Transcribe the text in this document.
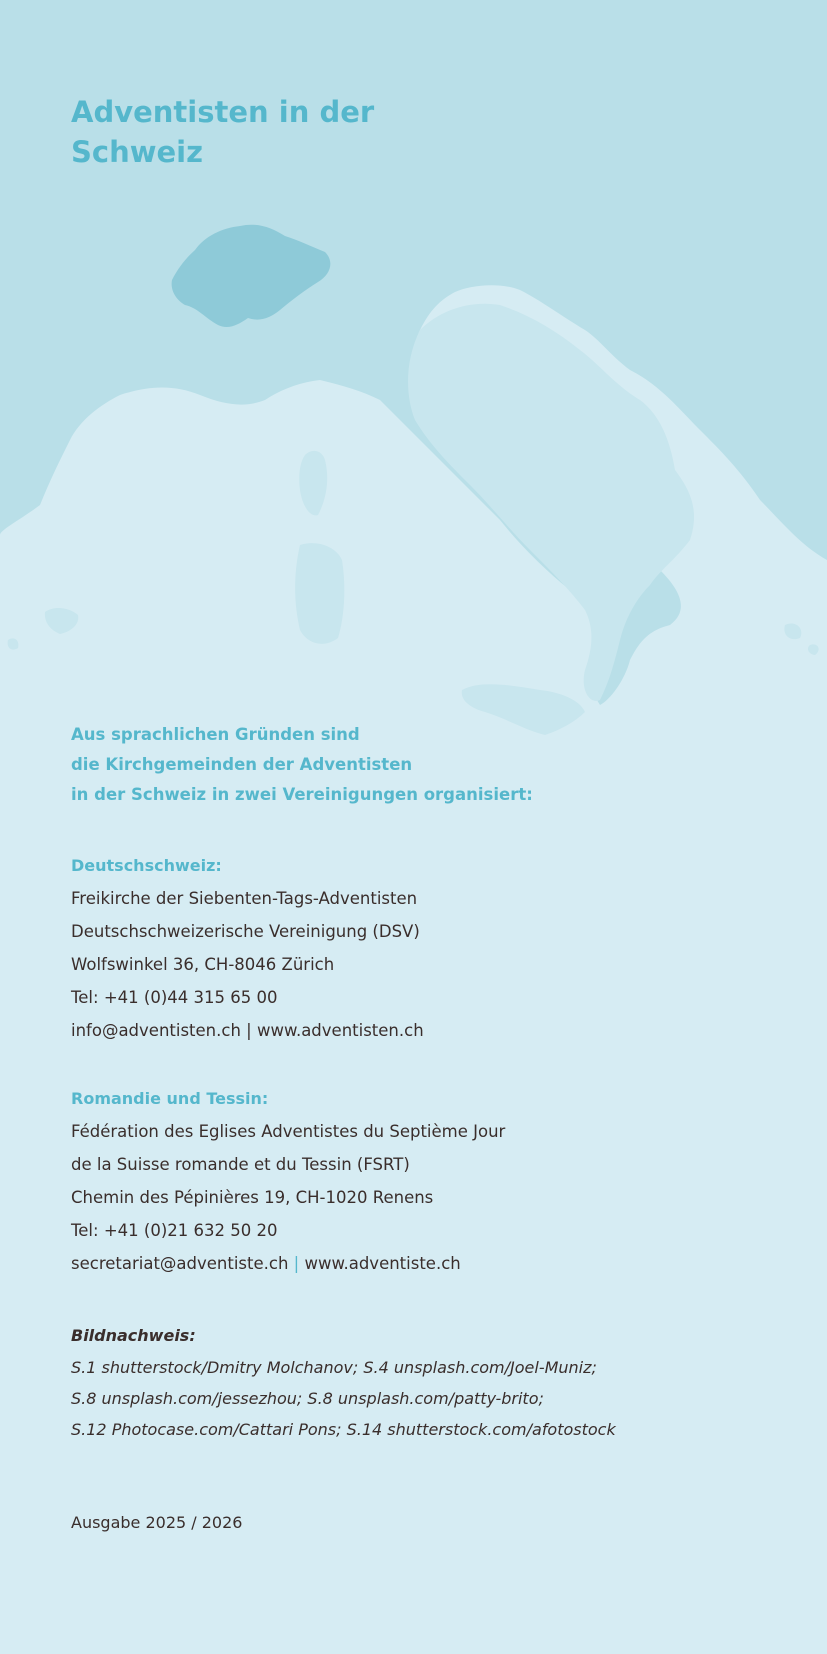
Adventisten in der
Schweiz
Aus sprachlichen Gründen sind
die Kirchgemeinden der Adventisten
in der Schweiz in zwei Vereinigungen organisiert:
Deutschschweiz:
Freikirche der Siebenten-Tags-Adventisten
Deutschschweizerische Vereinigung (DSV)
Wolfswinkel 36, CH-8046 Zürich
Tel: +41 (0)44 315 65 00
info@adventisten.ch | www.adventisten.ch
Romandie und Tessin:
Fédération des Eglises Adventistes du Septième Jour
de la Suisse romande et du Tessin (FSRT)
Chemin des Pépinières 19, CH-1020 Renens
Tel: +41 (0)21 632 50 20
secretariat@adventiste.ch | www.adventiste.ch
Bildnachweis:
S.1 shutterstock/Dmitry Molchanov; S.4 unsplash.com/Joel-Muniz;
S.8 unsplash.com/jessezhou; S.8 unsplash.com/patty-brito;
S.12 Photocase.com/Cattari Pons; S.14 shutterstock.com/afotostock
Ausgabe 2025 / 2026
